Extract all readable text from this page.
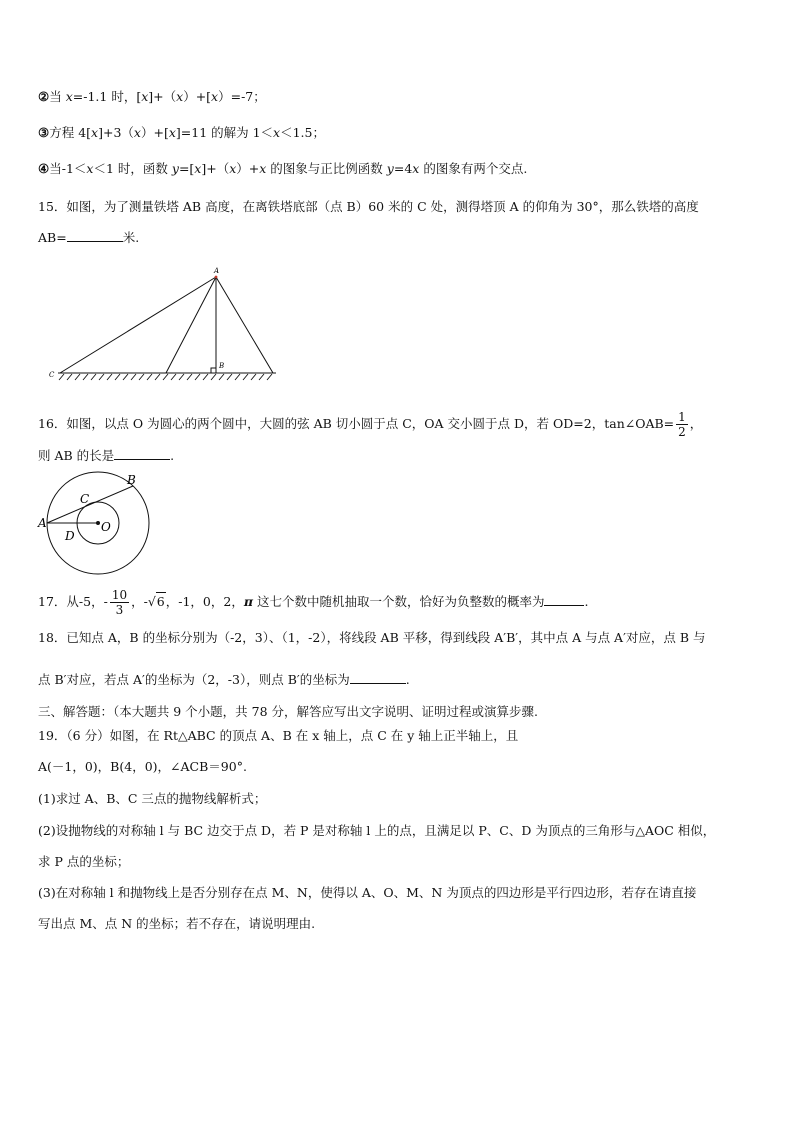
②当 x=-1.1 时，[x]+（x）+[x）=-7；
③方程 4[x]+3（x）+[x]=11 的解为 1＜x＜1.5；
④当-1＜x＜1 时，函数 y=[x]+（x）+x 的图象与正比例函数 y=4x 的图象有两个交点.
15．如图，为了测量铁塔 AB 高度，在离铁塔底部（点 B）60 米的 C 处，测得塔顶 A 的仰角为 30°，那么铁塔的高度
AB=	米.
A
B
C
16．如图，以点 O 为圆心的两个圆中，大圆的弦 AB 切小圆于点 C，OA 交小圆于点 D，若 OD=2，tan∠OAB= $\frac{1}{2}$ ，
则 AB 的长是	.
A
B
C
D
O
17．从-5，- $\frac{10}{3}$ ，-√6，-1，0，2，π 这七个数中随机抽取一个数，恰好为负整数的概率为	.
18．已知点 A，B 的坐标分别为（-2，3）、（1，-2），将线段 AB 平移，得到线段 A′B′，其中点 A 与点 A′对应，点 B 与
点 B′对应，若点 A′的坐标为（2，-3），则点 B′的坐标为	.
三、解答题：（本大题共 9 个小题，共 78 分，解答应写出文字说明、证明过程或演算步骤.
19．（6 分）如图，在 Rt△ABC 的顶点 A、B 在 x 轴上，点 C 在 y 轴上正半轴上，且
A(－1，0)，B(4，0)，∠ACB＝90°.
(1)求过 A、B、C 三点的抛物线解析式；
(2)设抛物线的对称轴 l 与 BC 边交于点 D，若 P 是对称轴 l 上的点，且满足以 P、C、D 为顶点的三角形与△AOC 相似，
求 P 点的坐标；
(3)在对称轴 l 和抛物线上是否分别存在点 M、N，使得以 A、O、M、N 为顶点的四边形是平行四边形，若存在请直接
写出点 M、点 N 的坐标；若不存在，请说明理由.
